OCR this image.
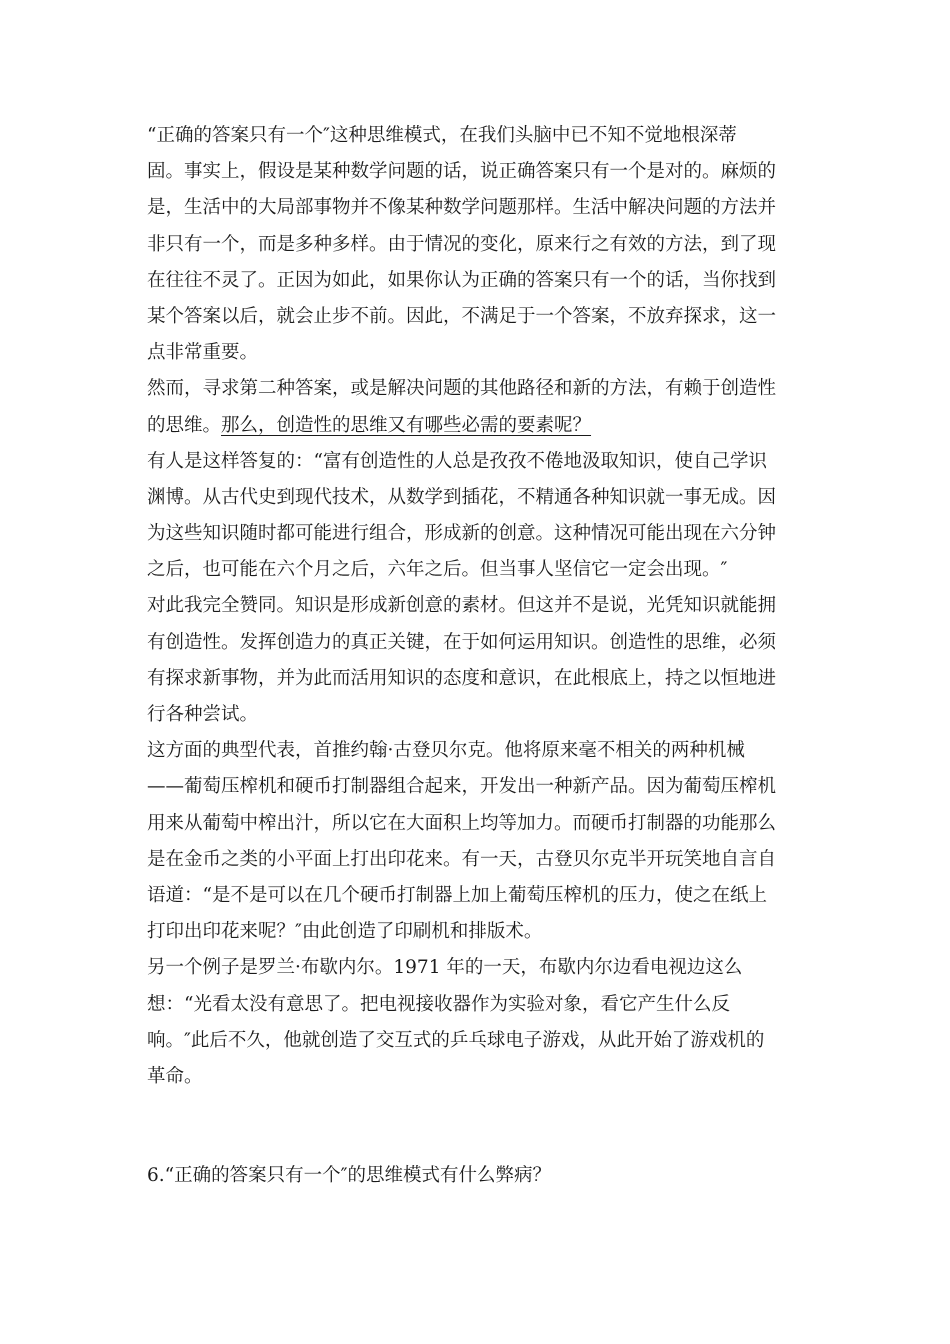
“正确的答案只有一个″这种思维模式，在我们头脑中已不知不觉地根深蒂
固。事实上，假设是某种数学问题的话，说正确答案只有一个是对的。麻烦的
是，生活中的大局部事物并不像某种数学问题那样。生活中解决问题的方法并
非只有一个，而是多种多样。由于情况的变化，原来行之有效的方法，到了现
在往往不灵了。正因为如此，如果你认为正确的答案只有一个的话，当你找到
某个答案以后，就会止步不前。因此，不满足于一个答案，不放弃探求，这一
点非常重要。

然而，寻求第二种答案，或是解决问题的其他路径和新的方法，有赖于创造性
的思维。那么，创造性的思维又有哪些必需的要素呢？

有人是这样答复的：“富有创造性的人总是孜孜不倦地汲取知识，使自己学识
渊博。从古代史到现代技术，从数学到插花，不精通各种知识就一事无成。因
为这些知识随时都可能进行组合，形成新的创意。这种情况可能出现在六分钟
之后，也可能在六个月之后，六年之后。但当事人坚信它一定会出现。″

对此我完全赞同。知识是形成新创意的素材。但这并不是说，光凭知识就能拥
有创造性。发挥创造力的真正关键，在于如何运用知识。创造性的思维，必须
有探求新事物，并为此而活用知识的态度和意识，在此根底上，持之以恒地进
行各种尝试。

这方面的典型代表，首推约翰·古登贝尔克。他将原来毫不相关的两种机械
——葡萄压榨机和硬币打制器组合起来，开发出一种新产品。因为葡萄压榨机
用来从葡萄中榨出汁，所以它在大面积上均等加力。而硬币打制器的功能那么
是在金币之类的小平面上打出印花来。有一天，古登贝尔克半开玩笑地自言自
语道：“是不是可以在几个硬币打制器上加上葡萄压榨机的压力，使之在纸上
打印出印花来呢？″由此创造了印刷机和排版术。

另一个例子是罗兰·布歇内尔。1971 年的一天，布歇内尔边看电视边这么
想：“光看太没有意思了。把电视接收器作为实验对象，看它产生什么反
响。″此后不久，他就创造了交互式的乒乓球电子游戏，从此开始了游戏机的
革命。

6.“正确的答案只有一个″的思维模式有什么弊病？
